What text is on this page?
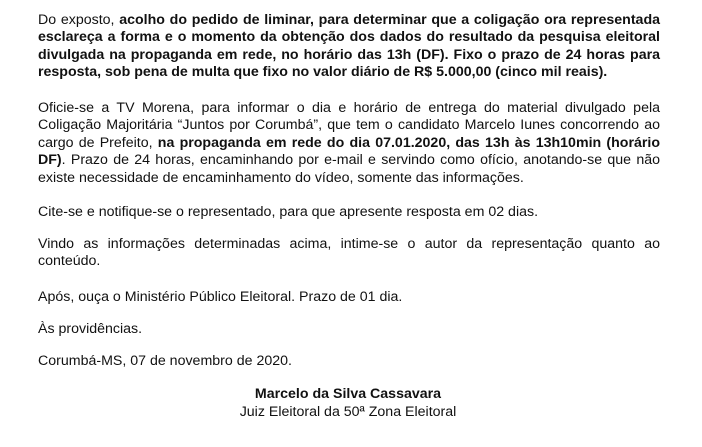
Do exposto, acolho do pedido de liminar, para determinar que a coligação ora representada esclareça a forma e o momento da obtenção dos dados do resultado da pesquisa eleitoral divulgada na propaganda em rede, no horário das 13h (DF). Fixo o prazo de 24 horas para resposta, sob pena de multa que fixo no valor diário de R$ 5.000,00 (cinco mil reais).

Oficie-se a TV Morena, para informar o dia e horário de entrega do material divulgado pela Coligação Majoritária “Juntos por Corumbá”, que tem o candidato Marcelo Iunes concorrendo ao cargo de Prefeito, na propaganda em rede do dia 07.01.2020, das 13h às 13h10min (horário DF). Prazo de 24 horas, encaminhando por e-mail e servindo como ofício, anotando-se que não existe necessidade de encaminhamento do vídeo, somente das informações.

Cite-se e notifique-se o representado, para que apresente resposta em 02 dias.

Vindo as informações determinadas acima, intime-se o autor da representação quanto ao conteúdo.

Após, ouça o Ministério Público Eleitoral. Prazo de 01 dia.

Às providências.

Corumbá-MS, 07 de novembro de 2020.

Marcelo da Silva Cassavara
Juiz Eleitoral da 50ª Zona Eleitoral
